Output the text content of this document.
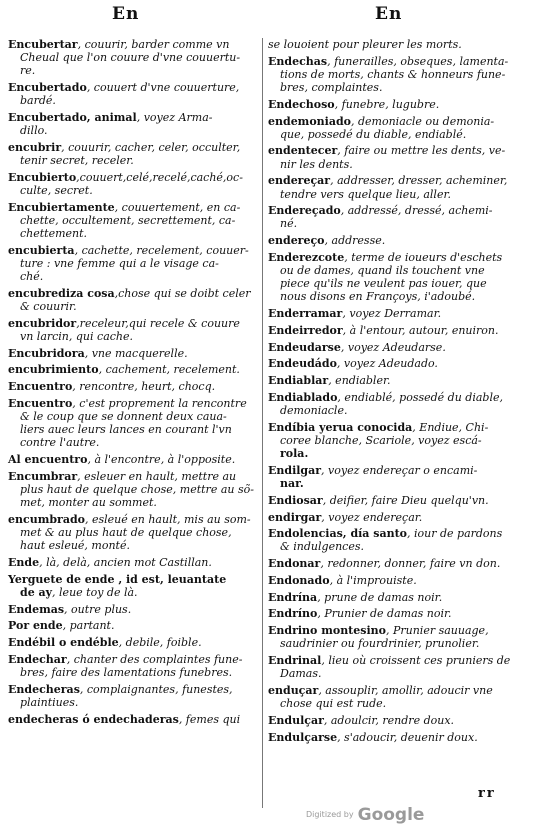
En	En
Encubertar, couurir, barder comme vn
Cheual que l'on couure d'vne couuertu-
re.
Encubertado, couuert d'vne couuerture,
bardé.
Encubertado, animal, voyez Arma-
dillo.
encubrir, couurir, cacher, celer, occulter,
tenir secret, receler.
Encubierto,couuert,celé,recelé,caché,oc-
culte, secret.
Encubiertamente, couuertement, en ca-
chette, occultement, secrettement, ca-
chettement.
encubierta, cachette, recelement, couuer-
ture : vne femme qui a le visage ca-
ché.
encubrediza cosa,chose qui se doibt celer
& couurir.
encubridor,receleur,qui recele & couure
vn larcin, qui cache.
Encubridora, vne macquerelle.
encubrimiento, cachement, recelement.
Encuentro, rencontre, heurt, chocq.
Encuentro, c'est proprement la rencontre
& le coup que se donnent deux caua-
liers auec leurs lances en courant l'vn
contre l'autre.
Al encuentro, à l'encontre, à l'opposite.
Encumbrar, esleuer en hault, mettre au
plus haut de quelque chose, mettre au sõ-
met, monter au sommet.
encumbrado, esleué en hault, mis au som-
met & au plus haut de quelque chose,
haut esleué, monté.
Ende, là, delà, ancien mot Castillan.
Yerguete de ende , id est, leuantate
de ay, leue toy de là.
Endemas, outre plus.
Por ende, partant.
Endébil o endéble, debile, foible.
Endechar, chanter des complaintes fune-
bres, faire des lamentations funebres.
Endecheras, complaignantes, funestes,
plaintiues.
endecheras ó endechaderas, femes qui
se louoient pour pleurer les morts.
Endechas, funerailles, obseques, lamenta-
tions de morts, chants & honneurs fune-
bres, complaintes.
Endechoso, funebre, lugubre.
endemoniado, demoniacle ou demonia-
que, possedé du diable, endiablé.
endentecer, faire ou mettre les dents, ve-
nir les dents.
endereçar, addresser, dresser, acheminer,
tendre vers quelque lieu, aller.
Endereçado, addressé, dressé, achemi-
né.
endereço, addresse.
Enderezcote, terme de ioueurs d'eschets
ou de dames, quand ils touchent vne
piece qu'ils ne veulent pas iouer, que
nous disons en Françoys, i'adoubé.
Enderramar, voyez Derramar.
Endeirredor, à l'entour, autour, enuiron.
Endeudarse, voyez Adeudarse.
Endeudádo, voyez Adeudado.
Endiablar, endiabler.
Endiablado, endiablé, possedé du diable,
demoniacle.
Endíbia yerua conocida, Endiue, Chi-
coree blanche, Scariole, voyez escá-
rola.
Endilgar, voyez endereçar o encami-
nar.
Endiosar, deifier, faire Dieu quelqu'vn.
endirgar, voyez endereçar.
Endolencias, día santo, iour de pardons
& indulgences.
Endonar, redonner, donner, faire vn don.
Endonado, à l'improuiste.
Endrína, prune de damas noir.
Endríno, Prunier de damas noir.
Endrino montesino, Prunier sauuage,
saudrinier ou fourdrinier, prunolier.
Endrinal, lieu où croissent ces pruniers de
Damas.
enduçar, assouplir, amollir, adoucir vne
chose qui est rude.
Endulçar, adoulcir, rendre doux.
Endulçarse, s'adoucir, deuenir doux.
rr
Digitized by Google
